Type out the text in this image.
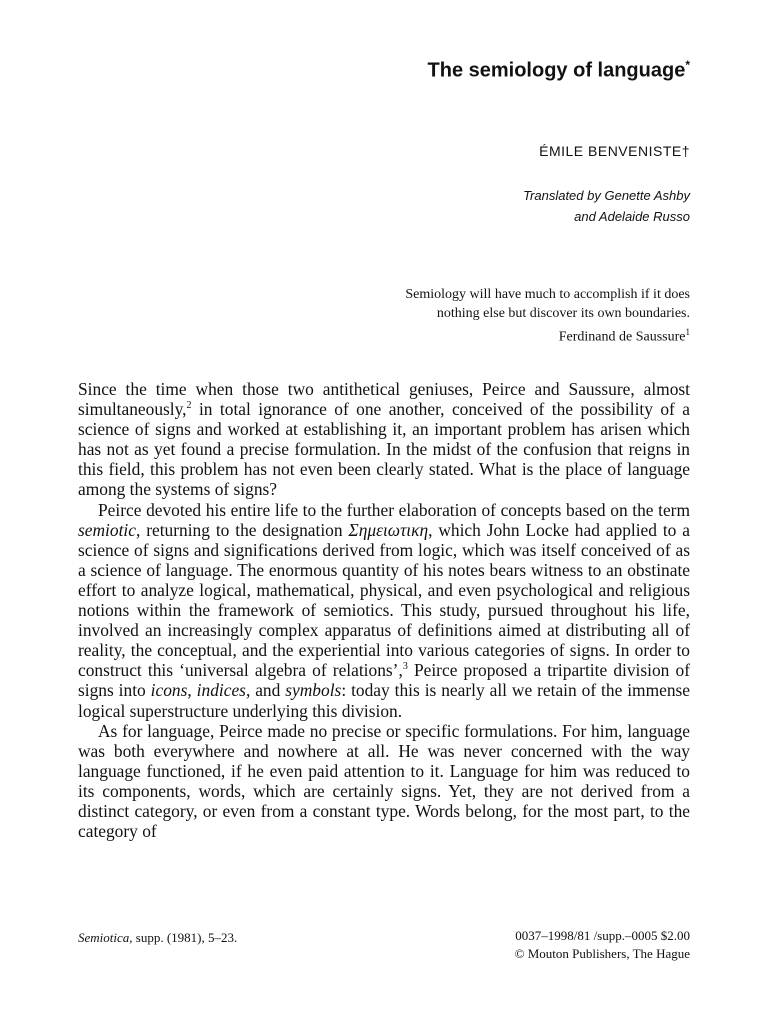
The semiology of language*
ÉMILE BENVENISTE†
Translated by Genette Ashby
and Adelaide Russo
Semiology will have much to accomplish if it does nothing else but discover its own boundaries.
Ferdinand de Saussure$^1$

Since the time when those two antithetical geniuses, Peirce and Saussure, almost simultaneously,$^2$ in total ignorance of one another, conceived of the possibility of a science of signs and worked at establishing it, an important problem has arisen which has not as yet found a precise formulation. In the midst of the confusion that reigns in this field, this problem has not even been clearly stated. What is the place of language among the systems of signs?

Peirce devoted his entire life to the further elaboration of concepts based on the term semiotic, returning to the designation Σημειωτικη, which John Locke had applied to a science of signs and significations derived from logic, which was itself conceived of as a science of language. The enormous quantity of his notes bears witness to an obstinate effort to analyze logical, mathematical, physical, and even psychological and religious notions within the framework of semiotics. This study, pursued throughout his life, involved an increasingly complex apparatus of definitions aimed at distributing all of reality, the conceptual, and the experiential into various categories of signs. In order to construct this ‘universal algebra of relations’,$^3$ Peirce proposed a tripartite division of signs into icons, indices, and symbols: today this is nearly all we retain of the immense logical superstructure underlying this division.

As for language, Peirce made no precise or specific formulations. For him, language was both everywhere and nowhere at all. He was never concerned with the way language functioned, if he even paid attention to it. Language for him was reduced to its components, words, which are certainly signs. Yet, they are not derived from a distinct category, or even from a constant type. Words belong, for the most part, to the category of

Semiotica, supp. (1981), 5–23.	0037–1998/81 /supp.–0005 $2.00
© Mouton Publishers, The Hague
